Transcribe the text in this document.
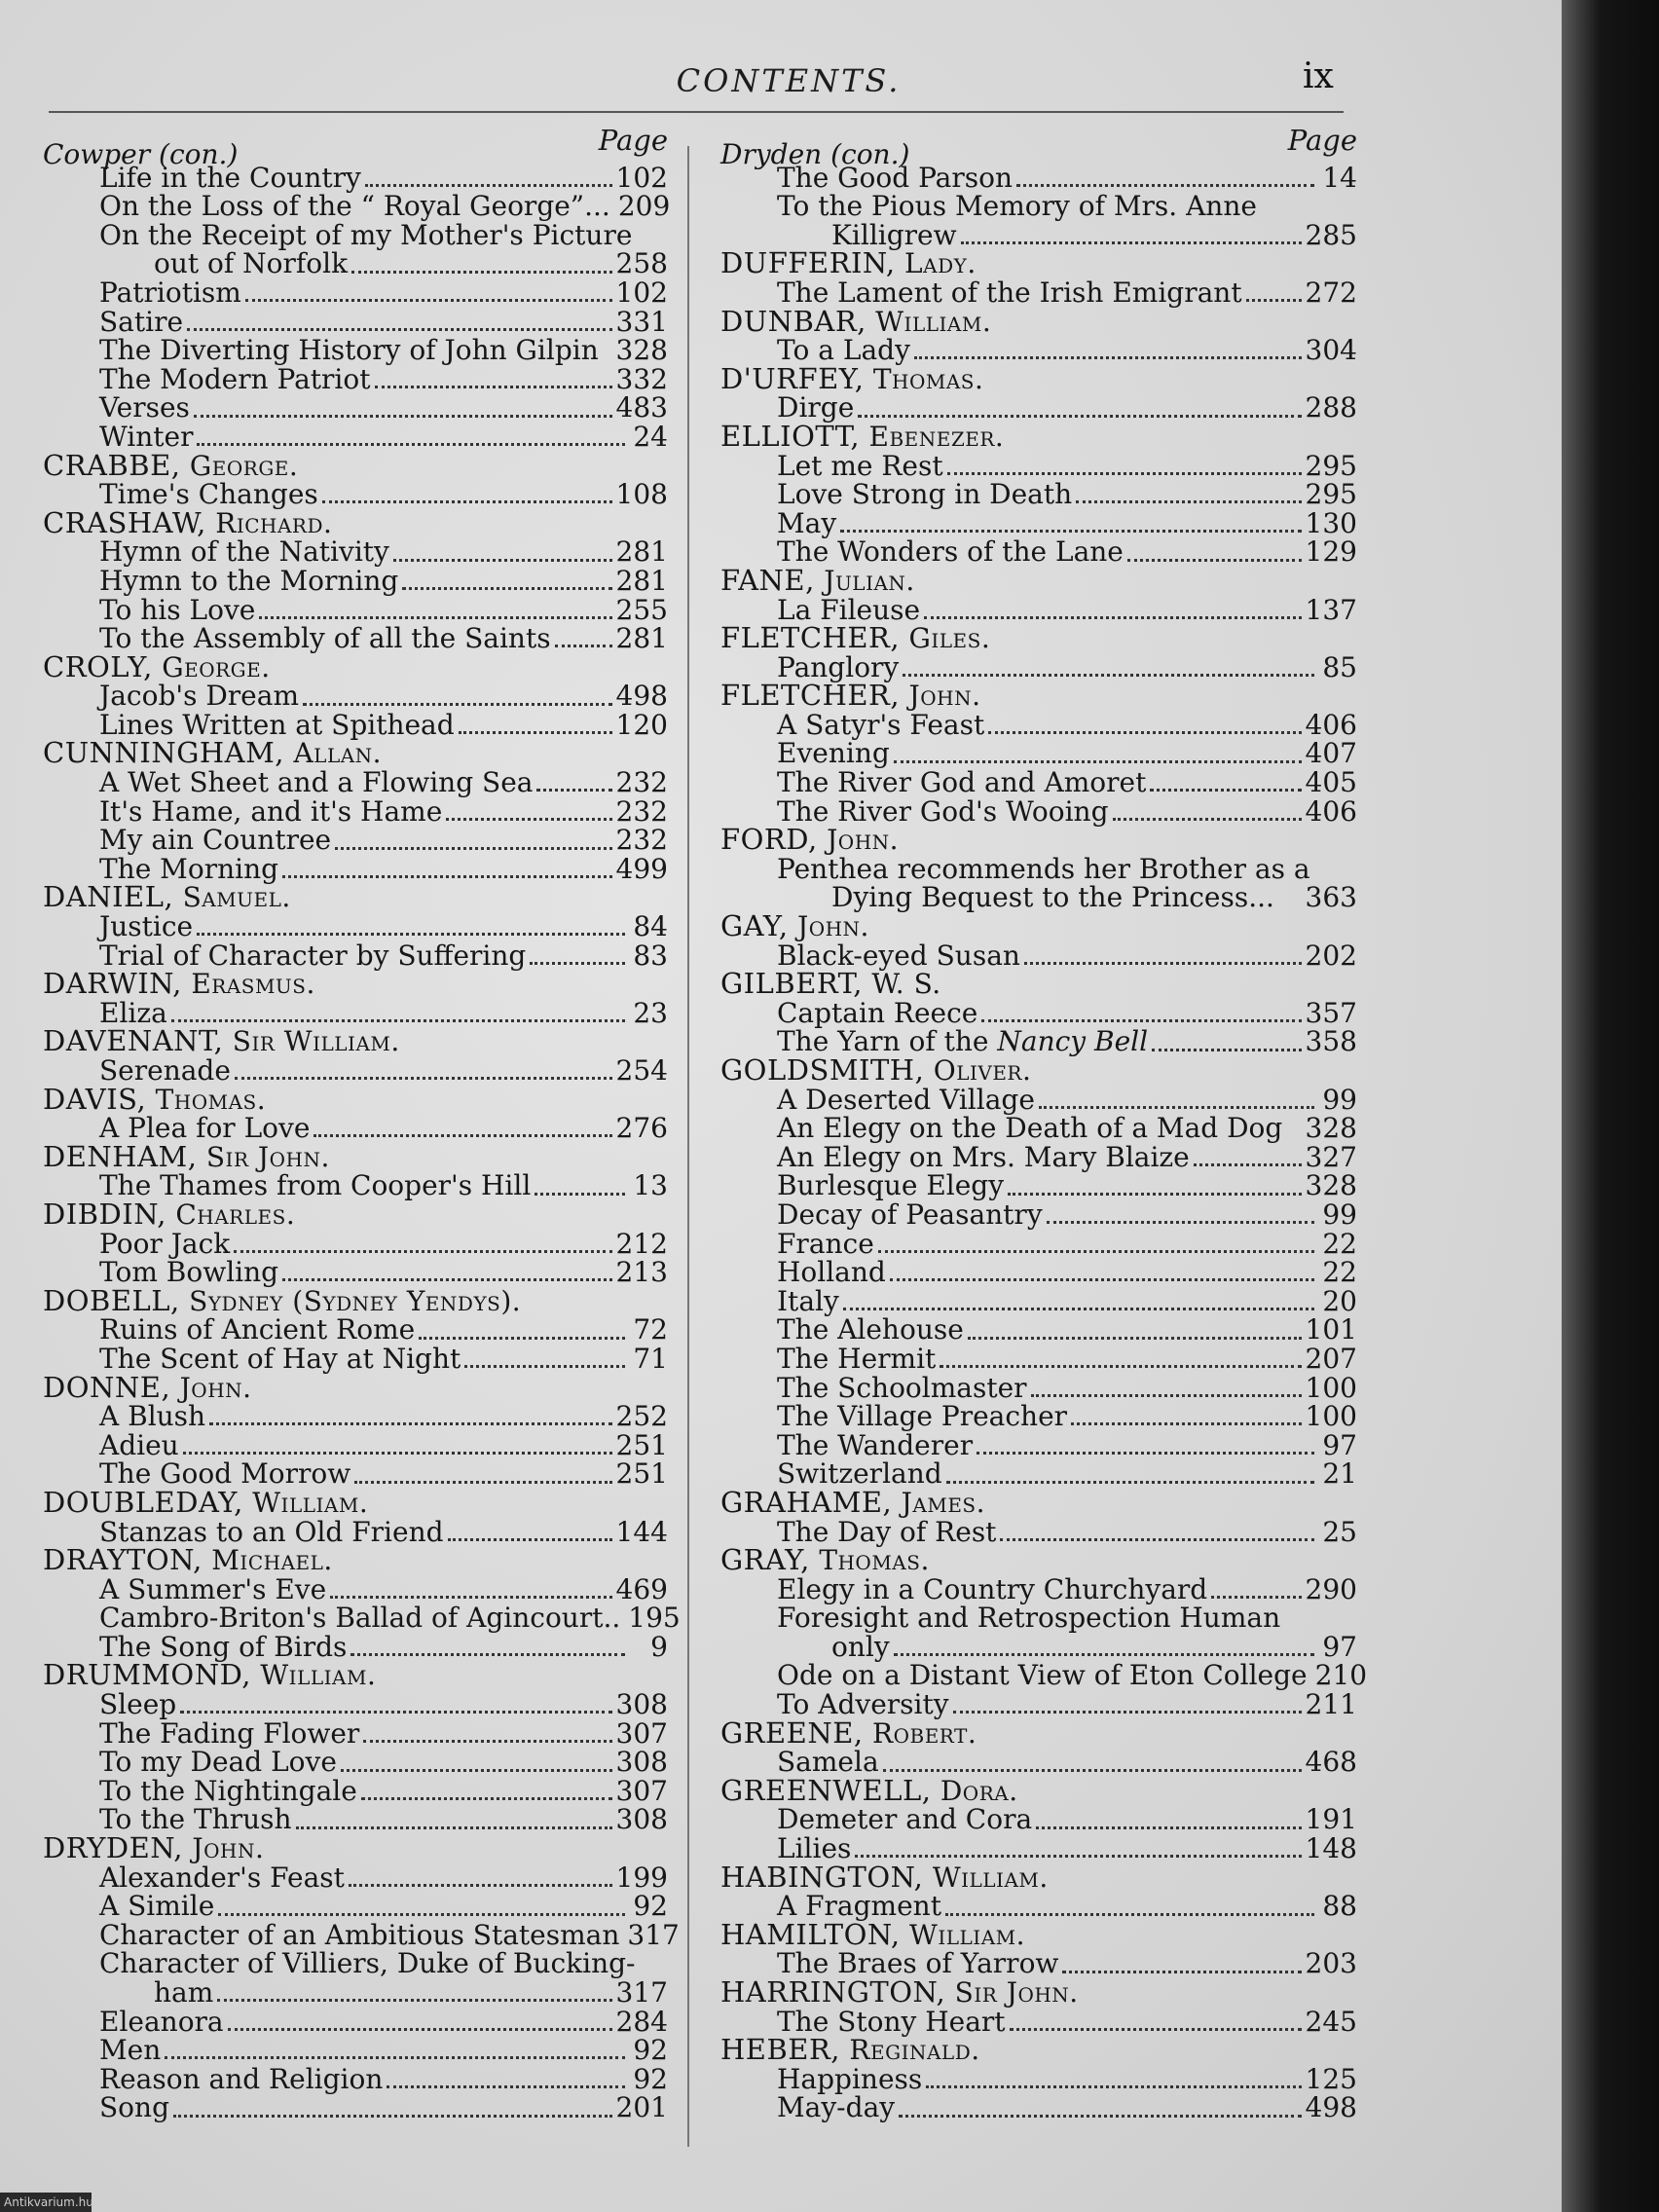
CONTENTS.	ix
Cowper (con.)	Page
Life in the Country	102
On the Loss of the “ Royal George”... 209
On the Receipt of my Mother's Picture
out of Norfolk	258
Patriotism	102
Satire	331
The Diverting History of John Gilpin 328
The Modern Patriot	332
Verses	483
Winter	24
CRABBE,
George.
Time's Changes	108
CRASHAW,
Richard.
Hymn of the Nativity	281
Hymn to the Morning	281
To his Love	255
To the Assembly of all the Saints 281
CROLY,
George.
Jacob's Dream	498
Lines Written at Spithead	120
CUNNINGHAM,
Allan.
A Wet Sheet and a Flowing Sea	232
It's Hame, and it's Hame	232
My ain Countree	232
The Morning	499
DANIEL,
Samuel.
Justice	84
Trial of Character by Suffering	83
DARWIN,
Erasmus.
Eliza	23
DAVENANT,
Sir William.
Serenade	254
DAVIS,
Thomas.
A Plea for Love	276
DENHAM,
Sir John.
The Thames from Cooper's Hill	13
DIBDIN,
Charles.
Poor Jack	212
Tom Bowling	213
DOBELL,
Sydney (Sydney Yendys).
Ruins of Ancient Rome	72
The Scent of Hay at Night	71
DONNE,
John.
A Blush	252
Adieu	251
The Good Morrow	251
DOUBLEDAY,
William.
Stanzas to an Old Friend	144
DRAYTON,
Michael.
A Summer's Eve	469
Cambro-Briton's Ballad of Agincourt.. 195
The Song of Birds	9
DRUMMOND,
William.
Sleep	308
The Fading Flower	307
To my Dead Love	308
To the Nightingale	307
To the Thrush	308
DRYDEN,
John.
Alexander's Feast	199
A Simile	92
Character of an Ambitious Statesman 317
Character of Villiers, Duke of Bucking-
ham	317
Eleanora	284
Men	92
Reason and Religion	92
Song	201
Dryden (con.)	Page
The Good Parson	14
To the Pious Memory of Mrs. Anne
Killigrew	285
DUFFERIN,
Lady.
The Lament of the Irish Emigrant 272
DUNBAR,
William.
To a Lady	304
D'URFEY,
Thomas.
Dirge	288
ELLIOTT,
Ebenezer.
Let me Rest	295
Love Strong in Death	295
May	130
The Wonders of the Lane	129
FANE,
Julian.
La Fileuse	137
FLETCHER,
Giles.
Panglory	85
FLETCHER,
John.
A Satyr's Feast	406
Evening	407
The River God and Amoret	405
The River God's Wooing	406
FORD,
John.
Penthea recommends her Brother as a
Dying Bequest to the Princess... 363
GAY,
John.
Black-eyed Susan	202
GILBERT,
W. S.
Captain Reece	357
The Yarn of the
Nancy Bell	358
GOLDSMITH,
Oliver.
A Deserted Village	99
An Elegy on the Death of a Mad Dog 328
An Elegy on Mrs. Mary Blaize	327
Burlesque Elegy	328
Decay of Peasantry	99
France	22
Holland	22
Italy	20
The Alehouse	101
The Hermit	207
The Schoolmaster	100
The Village Preacher	100
The Wanderer	97
Switzerland	21
GRAHAME,
James.
The Day of Rest	25
GRAY,
Thomas.
Elegy in a Country Churchyard	290
Foresight and Retrospection Human
only	97
Ode on a Distant View of Eton College 210
To Adversity	211
GREENE,
Robert.
Samela	468
GREENWELL,
Dora.
Demeter and Cora	191
Lilies	148
HABINGTON,
William.
A Fragment	88
HAMILTON,
William.
The Braes of Yarrow	203
HARRINGTON,
Sir John.
The Stony Heart	245
HEBER,
Reginald.
Happiness	125
May-day	498
Antikvarium.hu
